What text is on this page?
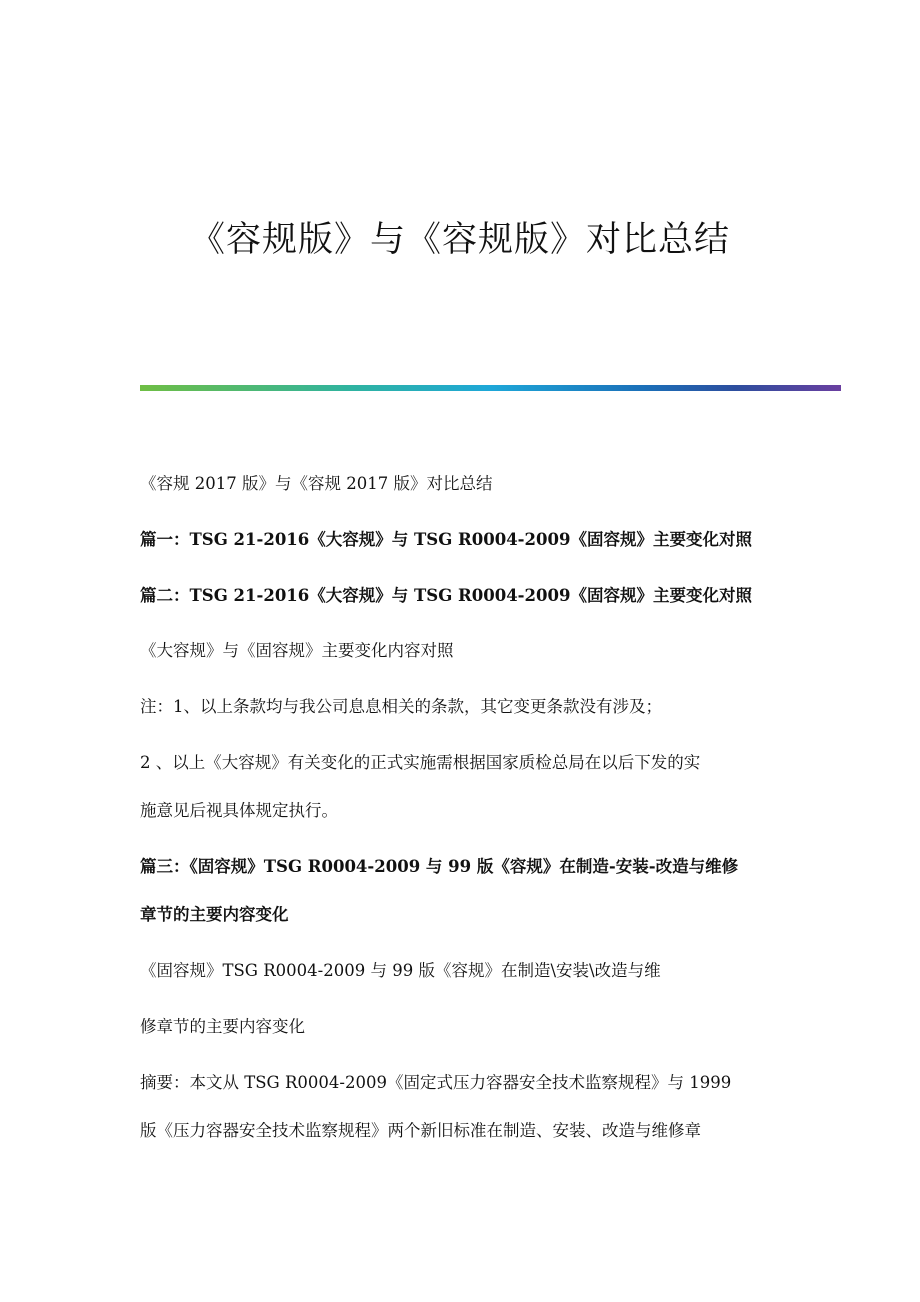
《容规版》与《容规版》对比总结

《容规 2017 版》与《容规 2017 版》对比总结

篇一：TSG 21-2016《大容规》与 TSG R0004-2009《固容规》主要变化对照

篇二：TSG 21-2016《大容规》与 TSG R0004-2009《固容规》主要变化对照

《大容规》与《固容规》主要变化内容对照

注：1、以上条款均与我公司息息相关的条款，其它变更条款没有涉及；

2 、以上《大容规》有关变化的正式实施需根据国家质检总局在以后下发的实

施意见后视具体规定执行。

篇三：《固容规》TSG R0004-2009 与 99 版《容规》在制造-安装-改造与维修

章节的主要内容变化

《固容规》TSG R0004-2009 与 99 版《容规》在制造\安装\改造与维

修章节的主要内容变化

摘要：本文从 TSG R0004-2009《固定式压力容器安全技术监察规程》与 1999

版《压力容器安全技术监察规程》两个新旧标准在制造、安装、改造与维修章
